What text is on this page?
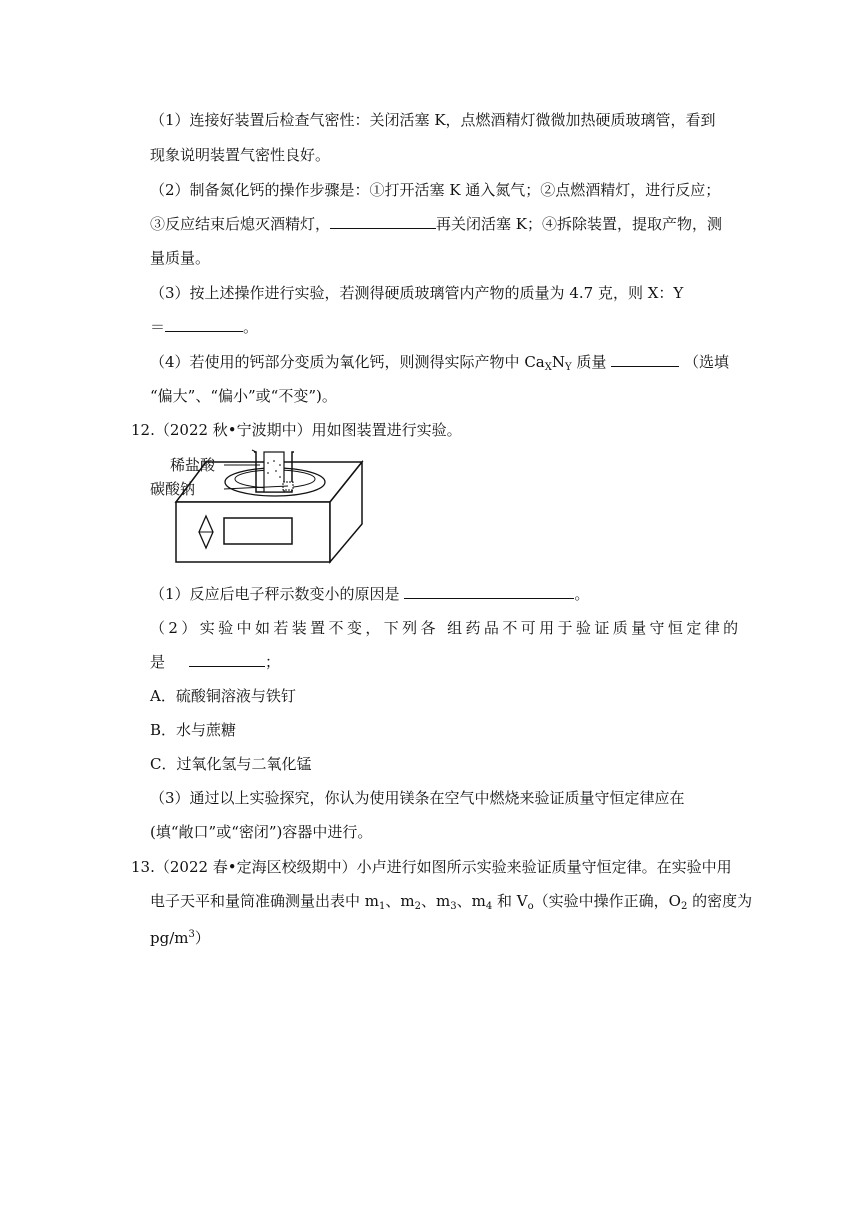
（1）连接好装置后检查气密性：关闭活塞 K，点燃酒精灯微微加热硬质玻璃管，看到
现象说明装置气密性良好。
（2）制备氮化钙的操作步骤是：①打开活塞 K 通入氮气；②点燃酒精灯，进行反应；
③反应结束后熄灭酒精灯，	再关闭活塞 K；④拆除装置，提取产物，测
量质量。
（3）按上述操作进行实验，若测得硬质玻璃管内产物的质量为 4.7 克，则 X：Y
＝	。
（4）若使用的钙部分变质为氧化钙，则测得实际产物中 $Ca_XN_Y$ 质量	（选填
“偏大”、“偏小”或“不变”)。
12.（2022 秋•宁波期中）用如图装置进行实验。
稀盐酸
碳酸钠
（1）反应后电子秤示数变小的原因是	。
（2）实验中如若装置不变，下列各 组药品不可用于验证质量守恒定律的
是	；
A．硫酸铜溶液与铁钉
B．水与蔗糖
C．过氧化氢与二氧化锰
（3）通过以上实验探究，你认为使用镁条在空气中燃烧来验证质量守恒定律应在
(填“敞口”或“密闭”)容器中进行。
13.（2022 春•定海区校级期中）小卢进行如图所示实验来验证质量守恒定律。在实验中用
电子天平和量筒准确测量出表中 $m_1$、$m_2$、$m_3$、$m_4$ 和 $V_o$（实验中操作正确，$O_2$ 的密度为
$pg/m^3$）
